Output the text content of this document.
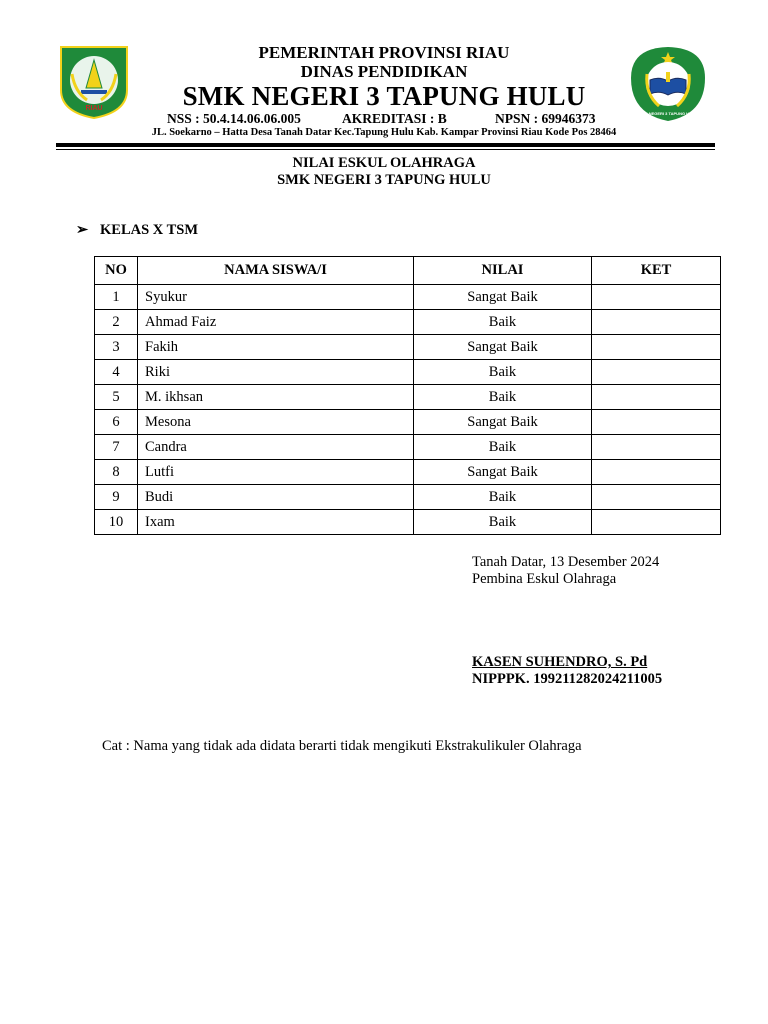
RIAU
SMK NEGERI 3 TAPUNG HULU
PEMERINTAH PROVINSI RIAU
DINAS PENDIDIKAN
SMK NEGERI 3 TAPUNG HULU
NSS : 50.4.14.06.06.005	AKREDITASI : B	NPSN : 69946373
JL. Soekarno – Hatta Desa Tanah Datar Kec.Tapung Hulu Kab. Kampar Provinsi Riau Kode Pos 28464
NILAI ESKUL OLAHRAGA
SMK NEGERI 3 TAPUNG HULU
➢ KELAS X TSM
NO	NAMA SISWA/I	NILAI	KET
1	Syukur	Sangat Baik	
2	Ahmad Faiz	Baik	
3	Fakih	Sangat Baik	
4	Riki	Baik	
5	M. ikhsan	Baik	
6	Mesona	Sangat Baik	
7	Candra	Baik	
8	Lutfi	Sangat Baik	
9	Budi	Baik	
10	Ixam	Baik	
Tanah Datar, 13 Desember 2024
Pembina Eskul Olahraga
KASEN SUHENDRO, S. Pd
NIPPPK. 199211282024211005
Cat : Nama yang tidak ada didata berarti tidak mengikuti Ekstrakulikuler Olahraga
